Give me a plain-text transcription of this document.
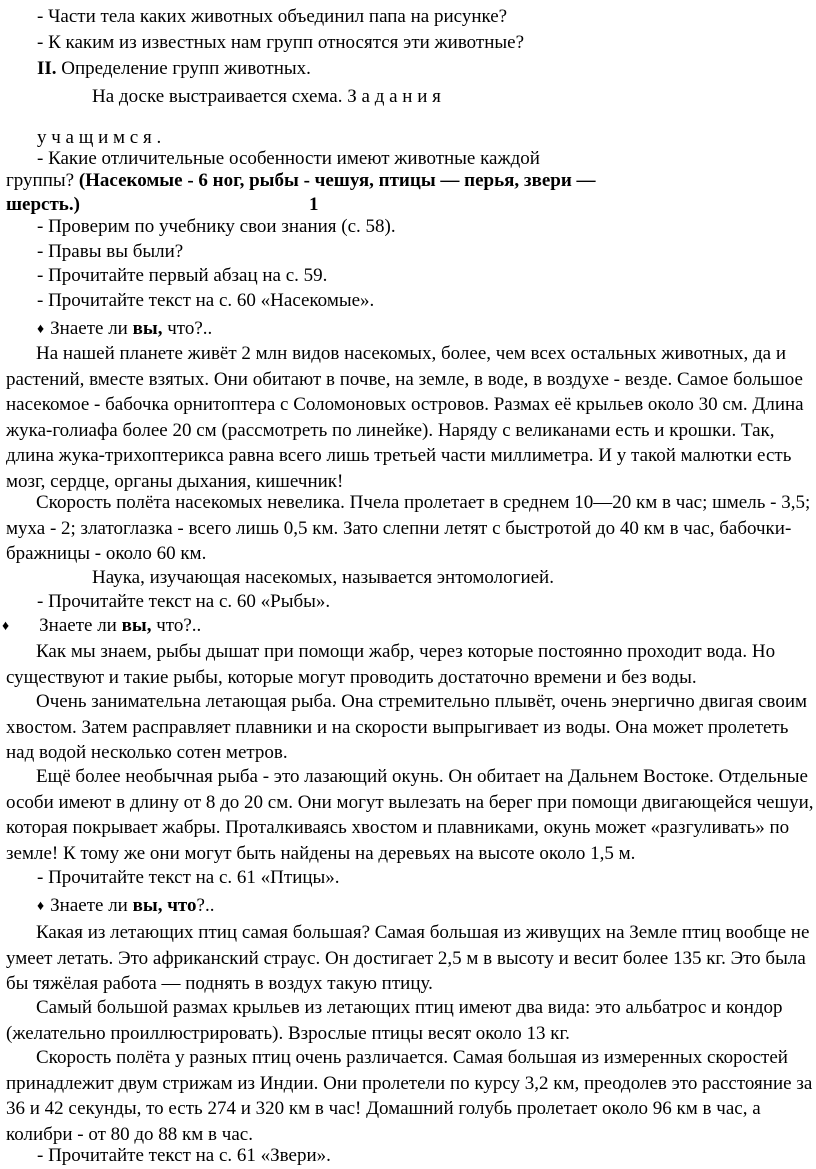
- Части тела каких животных объединил папа на рисунке?
- К каким из известных нам групп относятся эти животные?
II. Определение групп животных.
На доске выстраивается схема. З а д а н и я
у ч а щ и м с я .
- Какие отличительные особенности имеют животные каждой
группы? (Насекомые - 6 ног, рыбы - чешуя, птицы — перья, звери —
шерсть.)	1
- Проверим по учебнику свои знания (с. 58).
- Правы вы были?
- Прочитайте первый абзац на с. 59.
- Прочитайте текст на с. 60 «Насекомые».
♦ Знаете ли вы, что?..
На нашей планете живёт 2 млн видов насекомых, более, чем всех остальных животных, да и растений, вместе взятых. Они обитают в почве, на земле, в воде, в воздухе - везде. Самое большое насекомое - бабочка орнитоптера с Соломоновых островов. Размах её крыльев около 30 см. Длина жука-голиафа более 20 см (рассмотреть по линейке). Наряду с великанами есть и крошки. Так, длина жука-трихоптерикса равна всего лишь третьей части миллиметра. И у такой малютки есть мозг, сердце, органы дыхания, кишечник!
Скорость полёта насекомых невелика. Пчела пролетает в среднем 10—20 км в час; шмель - 3,5; муха - 2; златоглазка - всего лишь 0,5 км. Зато слепни летят с быстротой до 40 км в час, бабочки-бражницы - около 60 км.
Наука, изучающая насекомых, называется энтомологией.
- Прочитайте текст на с. 60 «Рыбы».
♦ Знаете ли вы, что?..
Как мы знаем, рыбы дышат при помощи жабр, через которые постоянно проходит вода. Но существуют и такие рыбы, которые могут проводить достаточно времени и без воды.
Очень занимательна летающая рыба. Она стремительно плывёт, очень энергично двигая своим хвостом. Затем расправляет плавники и на скорости выпрыгивает из воды. Она может пролететь над водой несколько сотен метров.
Ещё более необычная рыба - это лазающий окунь. Он обитает на Дальнем Востоке. Отдельные особи имеют в длину от 8 до 20 см. Они могут вылезать на берег при помощи двигающейся чешуи, которая покрывает жабры. Проталкиваясь хвостом и плавниками, окунь может «разгуливать» по земле! К тому же они могут быть найдены на деревьях на высоте около 1,5 м.
- Прочитайте текст на с. 61 «Птицы».
♦ Знаете ли вы, что?..
Какая из летающих птиц самая большая? Самая большая из живущих на Земле птиц вообще не умеет летать. Это африканский страус. Он достигает 2,5 м в высоту и весит более 135 кг. Это была бы тяжёлая работа — поднять в воздух такую птицу.
Самый большой размах крыльев из летающих птиц имеют два вида: это альбатрос и кондор (желательно проиллюстрировать). Взрослые птицы весят около 13 кг.
Скорость полёта у разных птиц очень различается. Самая большая из измеренных скоростей принадлежит двум стрижам из Индии. Они пролетели по курсу 3,2 км, преодолев это расстояние за 36 и 42 секунды, то есть 274 и 320 км в час! Домашний голубь пролетает около 96 км в час, а колибри - от 80 до 88 км в час.
- Прочитайте текст на с. 61 «Звери».
